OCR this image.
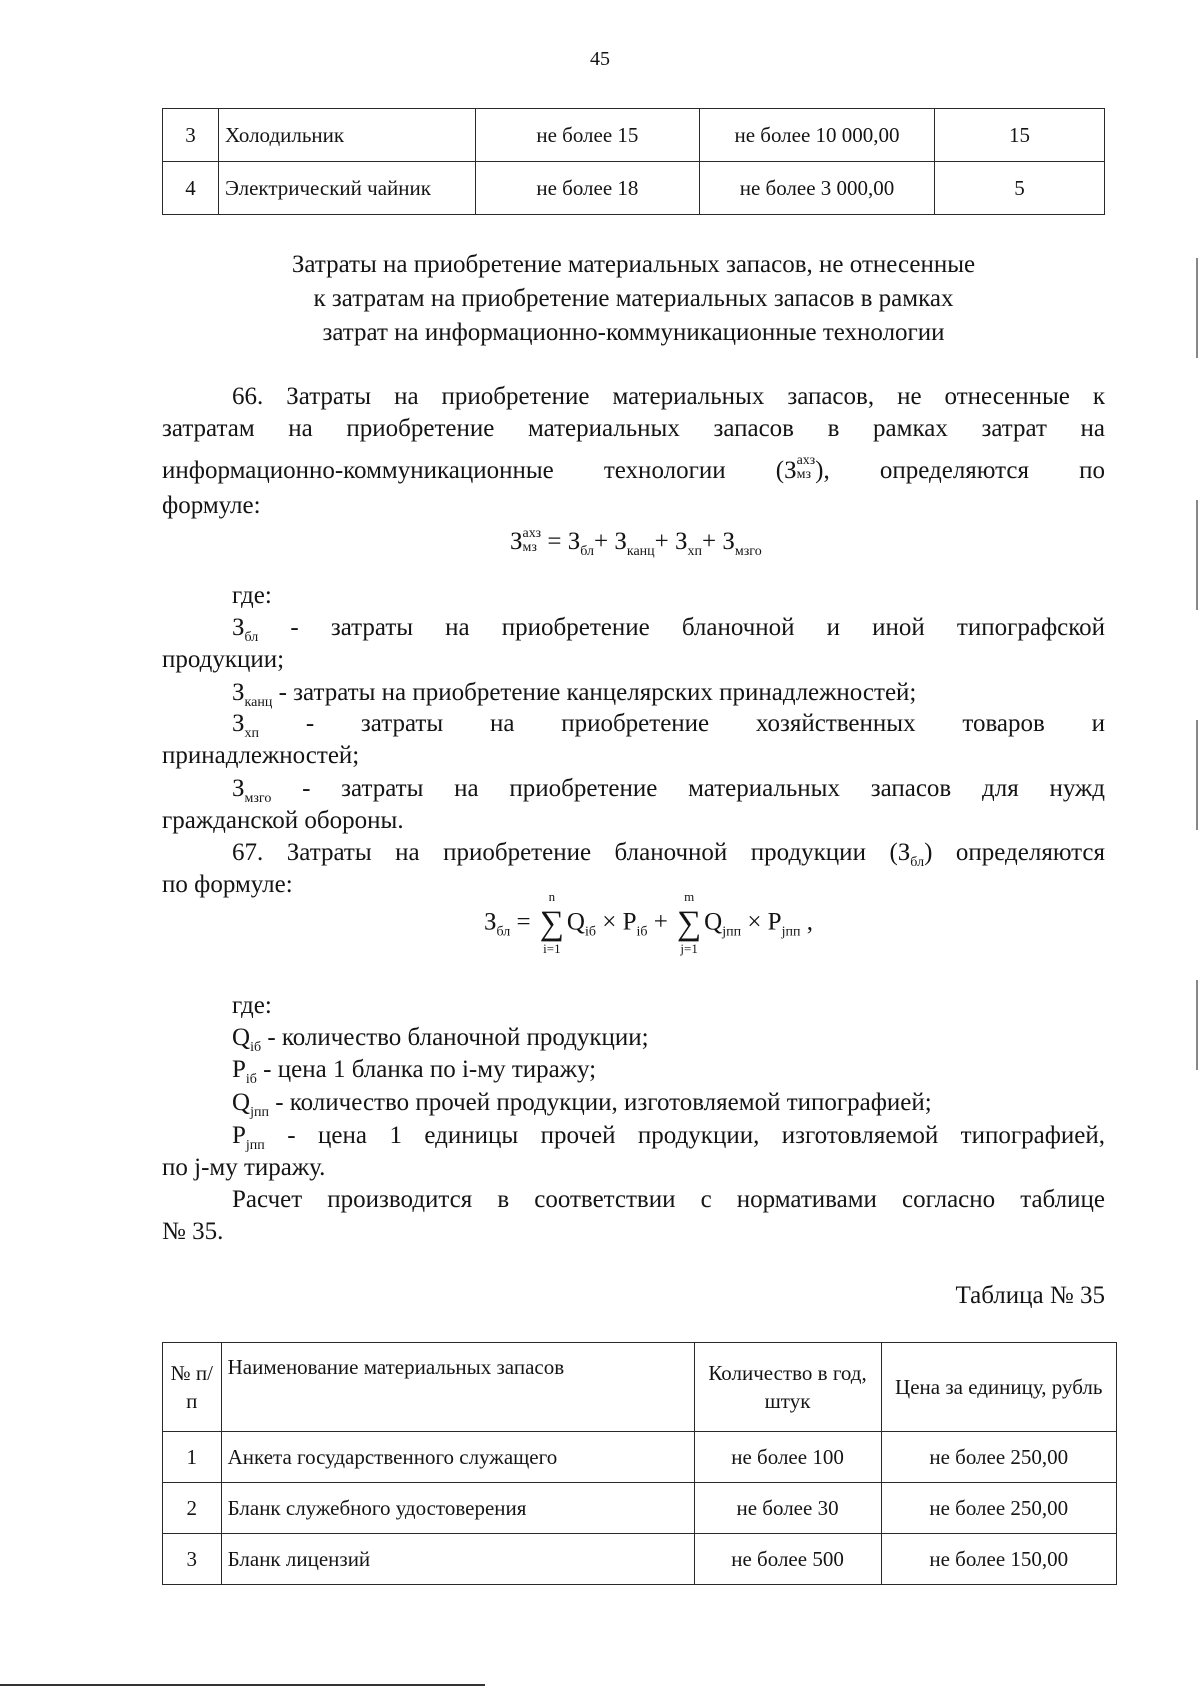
45
3	Холодильник	не более 15	не более 10 000,00	15
4	Электрический чайник	не более 18	не более 3 000,00	5
Затраты на приобретение материальных запасов, не отнесенные
к затратам на приобретение материальных запасов в рамках
затрат на информационно-коммуникационные технологии
66. Затраты на приобретение материальных запасов, не отнесенные к
затратам на приобретение материальных запасов в рамках затрат на
информационно-коммуникационные технологии (З ахз
мз ), определяются по
формуле:
З ахз
мз = $З_{бл}+ З_{канц}+ З_{хп}+ З_{мзго}$
где:
$З_{бл}$ - затраты на приобретение бланочной и иной типографской
продукции;
$З_{канц}$ - затраты на приобретение канцелярских принадлежностей;
$З_{хп}$ - затраты на приобретение хозяйственных товаров и
принадлежностей;
$З_{мзго}$ - затраты на приобретение материальных запасов для нужд
гражданской обороны.
67. Затраты на приобретение бланочной продукции $(З_{бл})$ определяются
по формуле:
$З_{бл}$ = ∑
n
i=1
$Q_{iб} \times P_{iб}$ + ∑
m
j=1
$Q_{jпп} \times P_{jпп}$ ,
где:
$Q_{iб}$ - количество бланочной продукции;
$P_{iб}$ - цена 1 бланка по i-му тиражу;
$Q_{jпп}$ - количество прочей продукции, изготовляемой типографией;
$P_{jпп}$ - цена 1 единицы прочей продукции, изготовляемой типографией,
по j-му тиражу.
Расчет производится в соответствии с нормативами согласно таблице
№ 35.
Таблица № 35
№ п/п	Наименование материальных запасов	Количество в год, штук	Цена за единицу, рубль
1	Анкета государственного служащего	не более 100	не более 250,00
2	Бланк служебного удостоверения	не более 30	не более 250,00
3	Бланк лицензий	не более 500	не более 150,00
